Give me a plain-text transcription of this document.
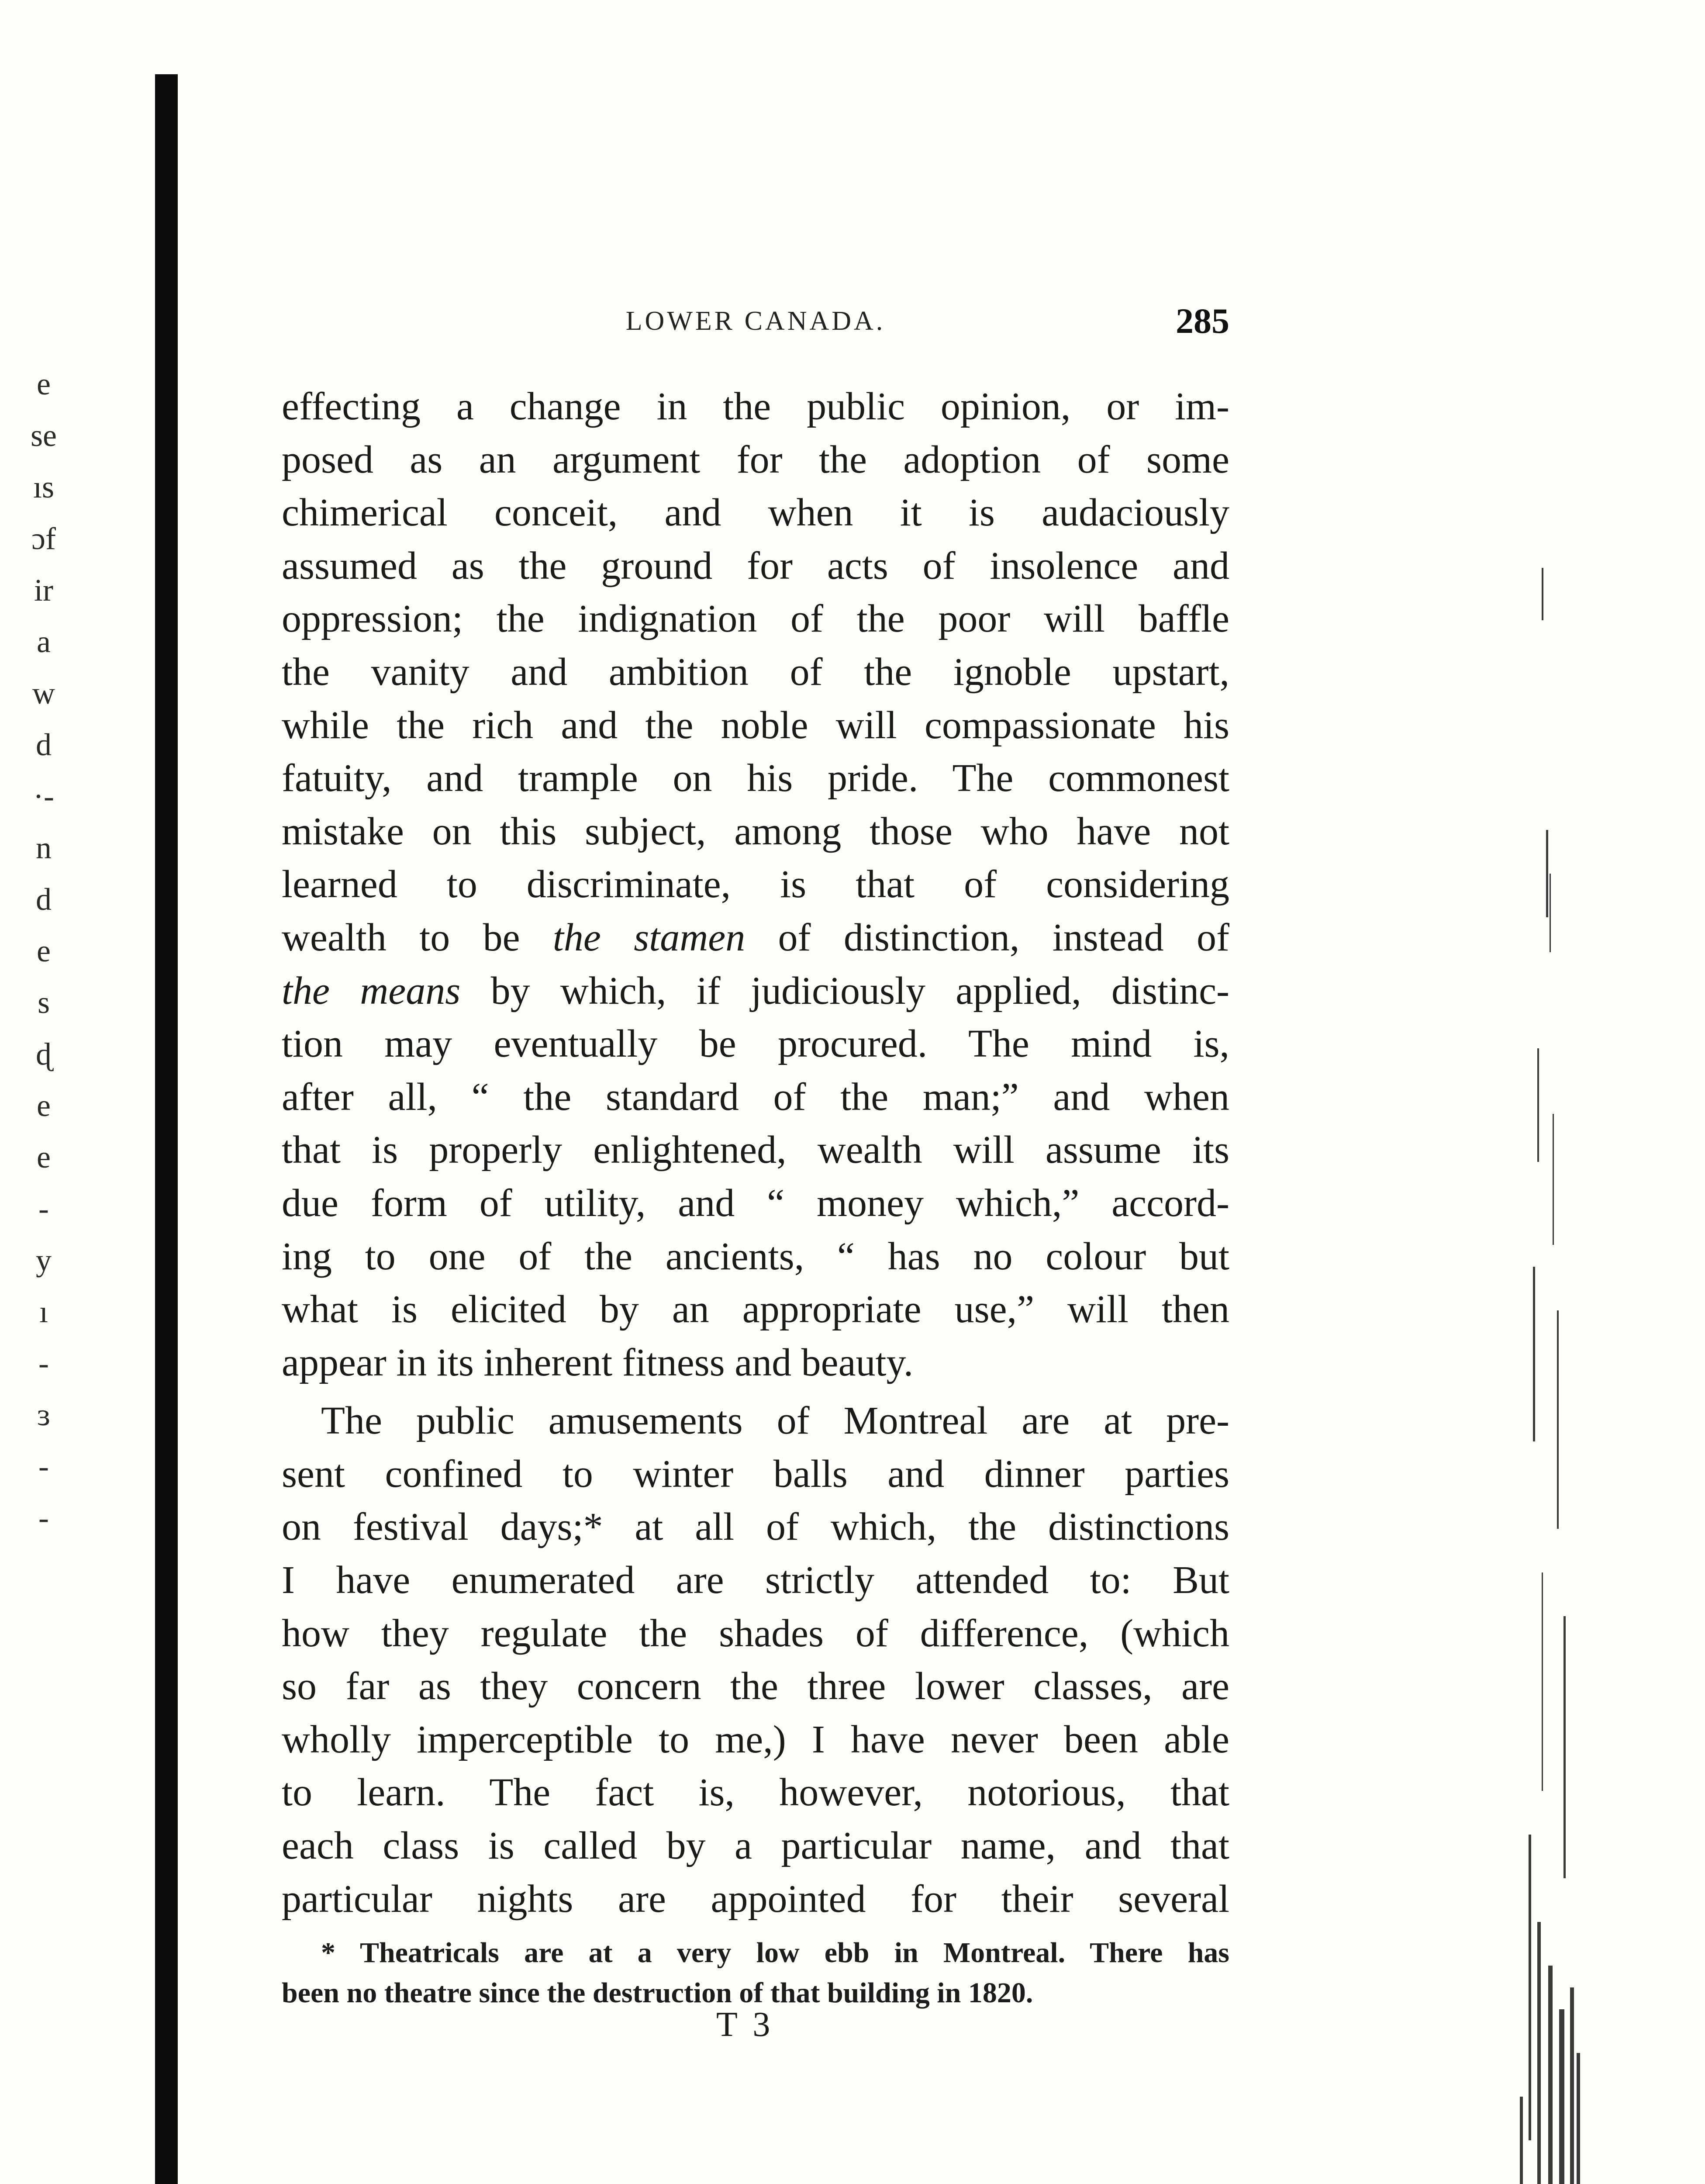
e
se
ıs
ɔf
ir
a
w
d
·-
n
d
e
s
ɖ
e
e
-
y
ı
-
ɜ
-
-
LOWER CANADA.	285
effecting a change in the public opinion, or im-
posed as an argument for the adoption of some
chimerical conceit, and when it is audaciously
assumed as the ground for acts of insolence and
oppression; the indignation of the poor will baffle
the vanity and ambition of the ignoble upstart,
while the rich and the noble will compassionate his
fatuity, and trample on his pride. The commonest
mistake on this subject, among those who have not
learned to discriminate, is that of considering
wealth to be the stamen of distinction, instead of
the means by which, if judiciously applied, distinc-
tion may eventually be procured. The mind is,
after all, “ the standard of the man;” and when
that is properly enlightened, wealth will assume its
due form of utility, and “ money which,” accord-
ing to one of the ancients, “ has no colour but
what is elicited by an appropriate use,” will then
appear in its inherent fitness and beauty.
The public amusements of Montreal are at pre-
sent confined to winter balls and dinner parties
on festival days;* at all of which, the distinctions
I have enumerated are strictly attended to: But
how they regulate the shades of difference, (which
so far as they concern the three lower classes, are
wholly imperceptible to me,) I have never been able
to learn. The fact is, however, notorious, that
each class is called by a particular name, and that
particular nights are appointed for their several
* Theatricals are at a very low ebb in Montreal. There has
been no theatre since the destruction of that building in 1820.
T 3
